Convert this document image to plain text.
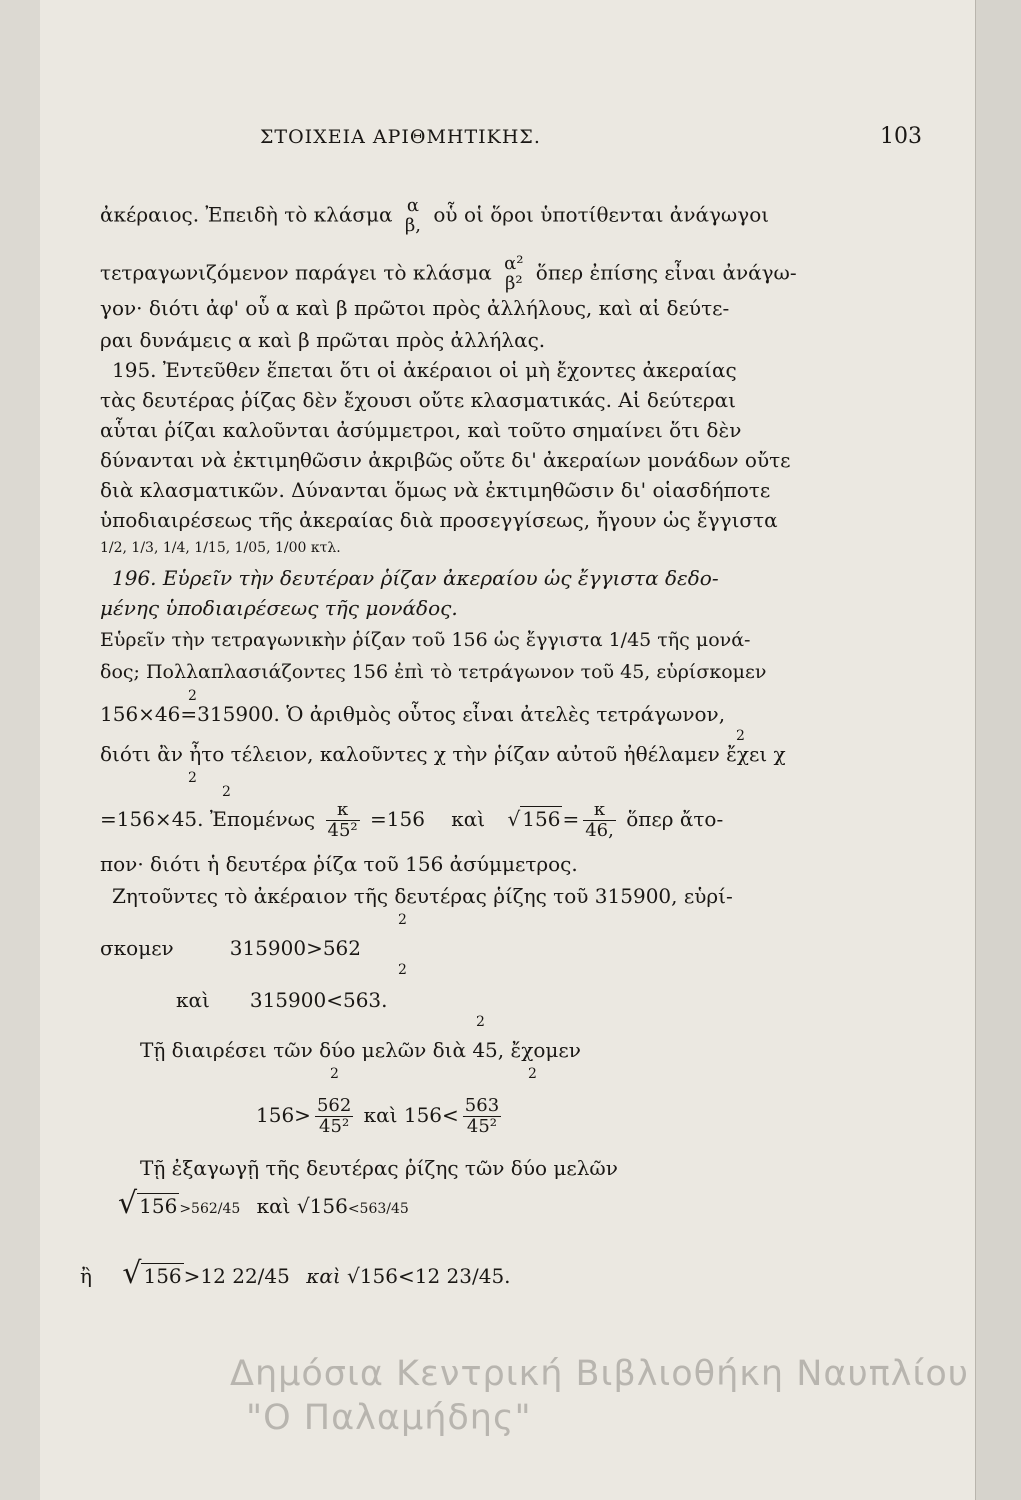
ΣΤΟΙΧΕΙΑ ΑΡΙΘΜΗΤΙΚΗΣ.	103
ἀκέραιος. Ἐπειδὴ τὸ κλάσμα α
β, οὗ οἱ ὅροι ὑποτίθενται ἀνάγωγοι
τετραγωνιζόμενον παράγει τὸ κλάσμα α²
β² ὅπερ ἐπίσης εἶναι ἀνάγω-
γον· διότι ἀφ' οὗ α καὶ β πρῶτοι πρὸς ἀλλήλους, καὶ αἱ δεύτε-
ραι δυνάμεις α καὶ β πρῶται πρὸς ἀλλήλας.
195. Ἐντεῦθεν ἕπεται ὅτι οἱ ἀκέραιοι οἱ μὴ ἔχοντες ἀκεραίας
τὰς δευτέρας ῥίζας δὲν ἔχουσι οὔτε κλασματικάς. Αἱ δεύτεραι
αὗται ῥίζαι καλοῦνται ἀσύμμετροι, καὶ τοῦτο σημαίνει ὅτι δὲν
δύνανται νὰ ἐκτιμηθῶσιν ἀκριβῶς οὔτε δι' ἀκεραίων μονάδων οὔτε
διὰ κλασματικῶν. Δύνανται ὅμως νὰ ἐκτιμηθῶσιν δι' οἱασδήποτε
ὑποδιαιρέσεως τῆς ἀκεραίας διὰ προσεγγίσεως, ἤγουν ὡς ἔγγιστα
1/2, 1/3, 1/4, 1/15, 1/05, 1/00 κτλ.
196. Εὑρεῖν τὴν δευτέραν ῥίζαν ἀκεραίου ὡς ἔγγιστα δεδο-
μένης ὑποδιαιρέσεως τῆς μονάδος.
Εὑρεῖν τὴν τετραγωνικὴν ῥίζαν τοῦ 156 ὡς ἔγγιστα 1/45 τῆς μονά-
δος; Πολλαπλασιάζοντες 156 ἐπὶ τὸ τετράγωνον τοῦ 45, εὑρίσκομεν
2
156×46=315900. Ὁ ἀριθμὸς οὗτος εἶναι ἀτελὲς τετράγωνον,
2
διότι ἂν ἦτο τέλειον, καλοῦντες χ τὴν ῥίζαν αὐτοῦ ἠθέλαμεν ἔχει χ
2
2
=156×45. Ἐπομένως $\frac{\kappa}{\text{45²}} =156$ καὶ √ $156 = \frac{\kappa}{46,}$ ὅπερ ἄτο-
πον· διότι ἡ δευτέρα ῥίζα τοῦ 156 ἀσύμμετρος.
Ζητοῦντες τὸ ἀκέραιον τῆς δευτέρας ῥίζης τοῦ 315900, εὑρί-
2
σκομεν	315900>562
2
καὶ 315900<563.
2
Τῇ διαιρέσει τῶν δύο μελῶν διὰ 45, ἔχομεν
2	2
$156> \frac{562}{\text{45²}}$ καὶ $156< \frac{563}{\text{45²}}$
Τῇ ἐξαγωγῇ τῆς δευτέρας ῥίζης τῶν δύο μελῶν
√ 156 >562/45 καὶ √156<563/45
ἢ √ 156 >12 22/45 καὶ √156<12 23/45.
Δημόσια Κεντρική Βιβλιοθήκη Ναυπλίου
"Ο Παλαμήδης"
